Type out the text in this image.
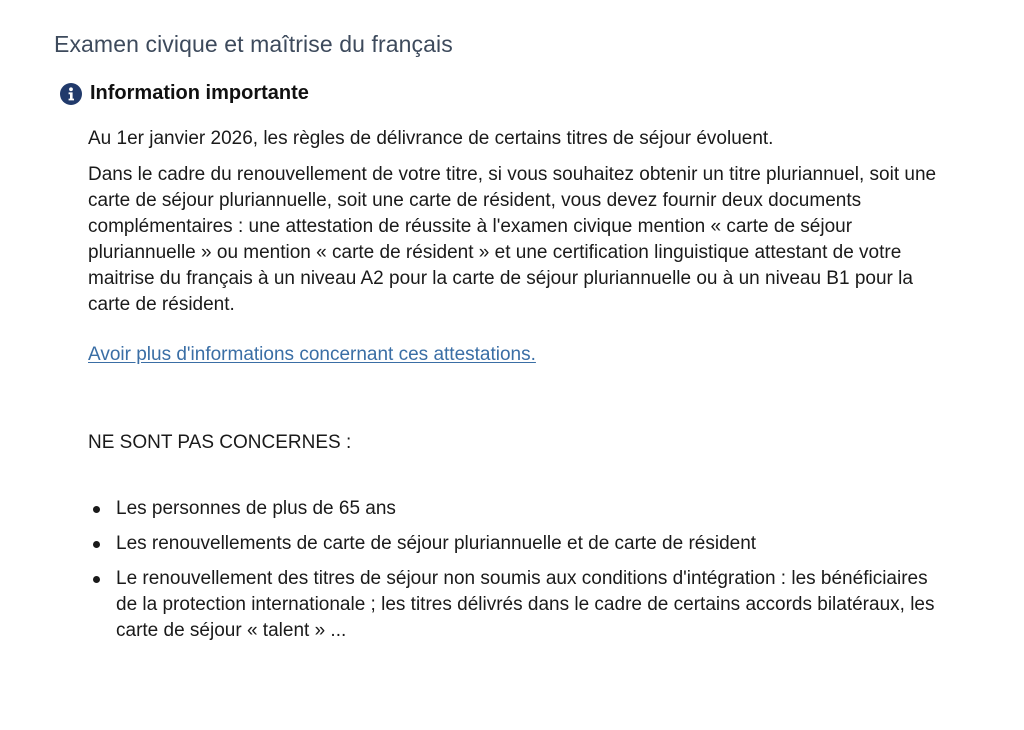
Examen civique et maîtrise du français
Information importante

Au 1er janvier 2026, les règles de délivrance de certains titres de séjour évoluent.

Dans le cadre du renouvellement de votre titre, si vous souhaitez obtenir un titre pluriannuel, soit une carte de séjour pluriannuelle, soit une carte de résident, vous devez fournir deux documents complémentaires : une attestation de réussite à l'examen civique mention « carte de séjour pluriannuelle » ou mention « carte de résident » et une certification linguistique attestant de votre maitrise du français à un niveau A2 pour la carte de séjour pluriannuelle ou à un niveau B1 pour la carte de résident.

Avoir plus d'informations concernant ces attestations.

NE SONT PAS CONCERNES :

Les personnes de plus de 65 ans
Les renouvellements de carte de séjour pluriannuelle et de carte de résident
Le renouvellement des titres de séjour non soumis aux conditions d'intégration : les bénéficiaires de la protection internationale ; les titres délivrés dans le cadre de certains accords bilatéraux, les carte de séjour « talent » ...
